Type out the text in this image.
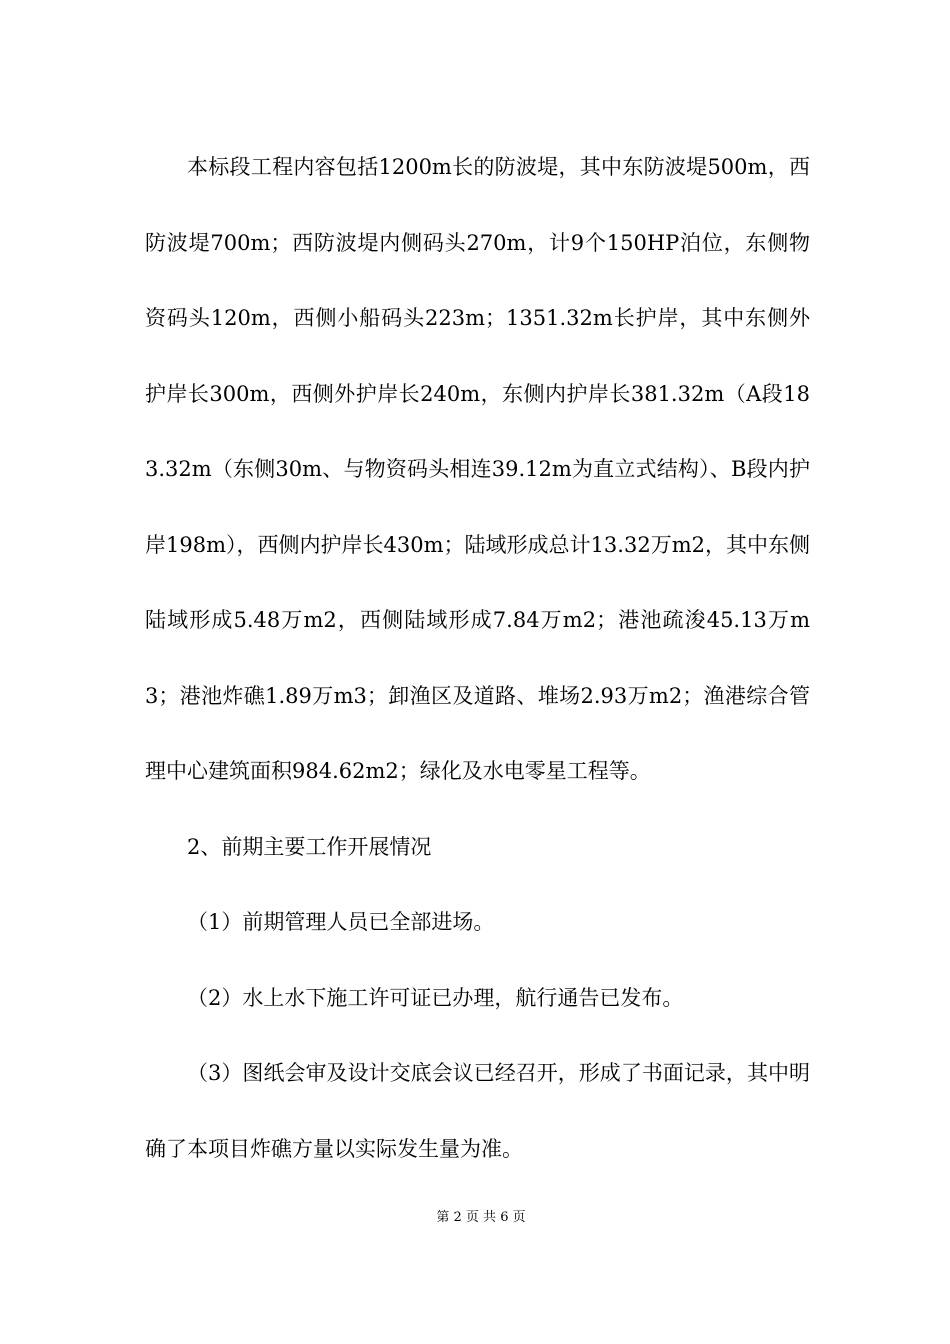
本标段工程内容包括1200m长的防波堤，其中东防波堤500m，西防波堤700m；西防波堤内侧码头270m，计9个150HP泊位，东侧物资码头120m，西侧小船码头223m；1351.32m长护岸，其中东侧外护岸长300m，西侧外护岸长240m，东侧内护岸长381.32m（A段183.32m（东侧30m、与物资码头相连39.12m为直立式结构）、B段内护岸198m），西侧内护岸长430m；陆域形成总计13.32万m2，其中东侧陆域形成5.48万m2，西侧陆域形成7.84万m2；港池疏浚45.13万m3；港池炸礁1.89万m3；卸渔区及道路、堆场2.93万m2；渔港综合管理中心建筑面积984.62m2；绿化及水电零星工程等。

2、前期主要工作开展情况

（1）前期管理人员已全部进场。

（2）水上水下施工许可证已办理，航行通告已发布。

（3）图纸会审及设计交底会议已经召开，形成了书面记录，其中明确了本项目炸礁方量以实际发生量为准。

第 2 页 共 6 页
